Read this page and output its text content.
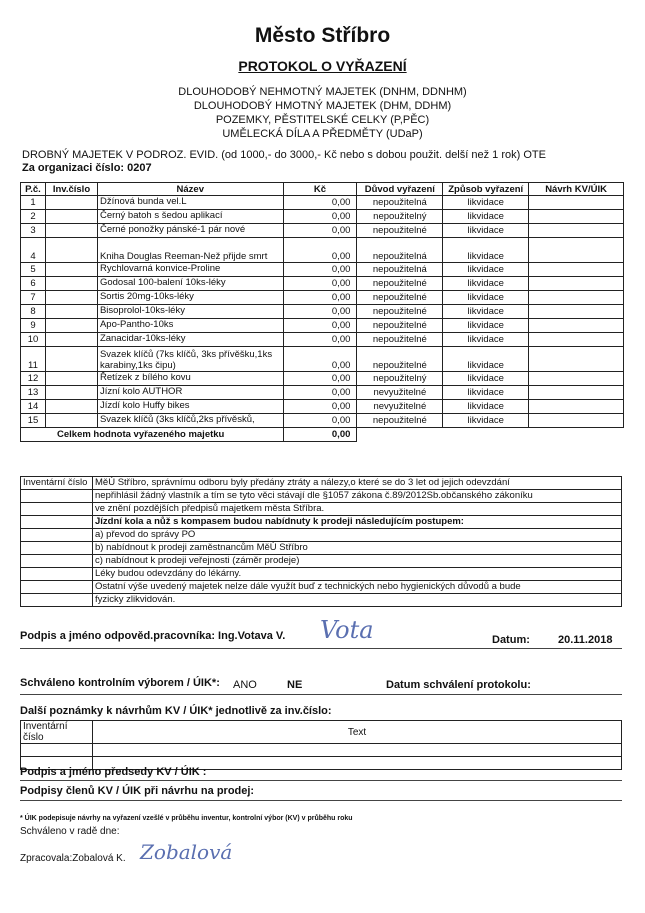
Město Stříbro
PROTOKOL O VYŘAZENÍ
DLOUHODOBÝ NEHMOTNÝ MAJETEK (DNHM, DDNHM)
DLOUHODOBÝ HMOTNÝ MAJETEK (DHM, DDHM)
POZEMKY, PĚSTITELSKÉ CELKY (P,PĚC)
UMĚLECKÁ DÍLA A PŘEDMĚTY (UDaP)
DROBNÝ MAJETEK V PODROZ. EVID. (od 1000,- do 3000,- Kč nebo s dobou použit. delší než 1 rok) OTE
Za organizaci číslo: 0207
P.č.	Inv.číslo	Název	Kč	Důvod vyřazení	Způsob vyřazení	Návrh KV/ÚIK
1		Džínová bunda vel.L	0,00	nepoužitelná	likvidace	
2		Černý batoh s šedou aplikací	0,00	nepoužitelný	likvidace	
3		Černé ponožky pánské-1 pár nové	0,00	nepoužitelné	likvidace	
4		Kniha Douglas Reeman-Než přijde smrt	0,00	nepoužitelná	likvidace	
5		Rychlovarná konvice-Proline	0,00	nepoužitelná	likvidace	
6		Godosal 100-balení 10ks-léky	0,00	nepoužitelné	likvidace	
7		Sortis 20mg-10ks-léky	0,00	nepoužitelné	likvidace	
8		Bisoprolol-10ks-léky	0,00	nepoužitelné	likvidace	
9		Apo-Pantho-10ks	0,00	nepoužitelné	likvidace	
10		Zanacidar-10ks-léky	0,00	nepoužitelné	likvidace	
11		Svazek klíčů (7ks klíčů, 3ks přívěšku,1ks karabiny,1ks čipu)	0,00	nepoužitelné	likvidace	
12		Řetízek z bílého kovu	0,00	nepoužitelný	likvidace	
13		Jízní kolo AUTHOR	0,00	nevyužitelné	likvidace	
14		Jízdí kolo Huffy bikes	0,00	nevyužitelné	likvidace	
15		Svazek klíčů (3ks klíčů,2ks přívěsků,	0,00	nepoužitelné	likvidace	
Celkem hodnota vyřazeného majetku			0,00			
Inventární číslo	MěÚ Stříbro, správnímu odboru byly předány ztráty a nálezy,o které se do 3 let od jejich odevzdání
	nepřihlásil žádný vlastník a tím se tyto věci stávají dle §1057 zákona č.89/2012Sb.občanského zákoníku
	ve znění pozdějších předpisů majetkem města Stříbra.
	Jízdní kola a nůž s kompasem budou nabídnuty k prodeji následujícím postupem:
	a) převod do správy PO
	b) nabídnout k prodeji zaměstnancům MěÚ Stříbro
	c) nabídnout k prodeji veřejnosti (záměr prodeje)
	Léky budou odevzdány do lékárny.
	Ostatní výše uvedený majetek nelze dále využít buď z technických nebo hygienických důvodů a bude
	fyzicky zlikvidován.
Podpis a jméno odpověd.pracovníka: Ing.Votava V. Vota	Datum:	20.11.2018
Schváleno kontrolním výborem / ÚIK*: ANO	NE	Datum schválení protokolu:
Další poznámky k návrhům KV / ÚIK* jednotlivě za inv.číslo:
Inventární číslo	Text

Podpis a jméno předsedy KV / ÚIK :
Podpisy členů KV / ÚIK při návrhu na prodej:
* ÚIK podepisuje návrhy na vyřazení vzešlé v průběhu inventur, kontrolní výbor (KV) v průběhu roku
Schváleno v radě dne:
Zpracovala:Zobalová K. Zobalová
